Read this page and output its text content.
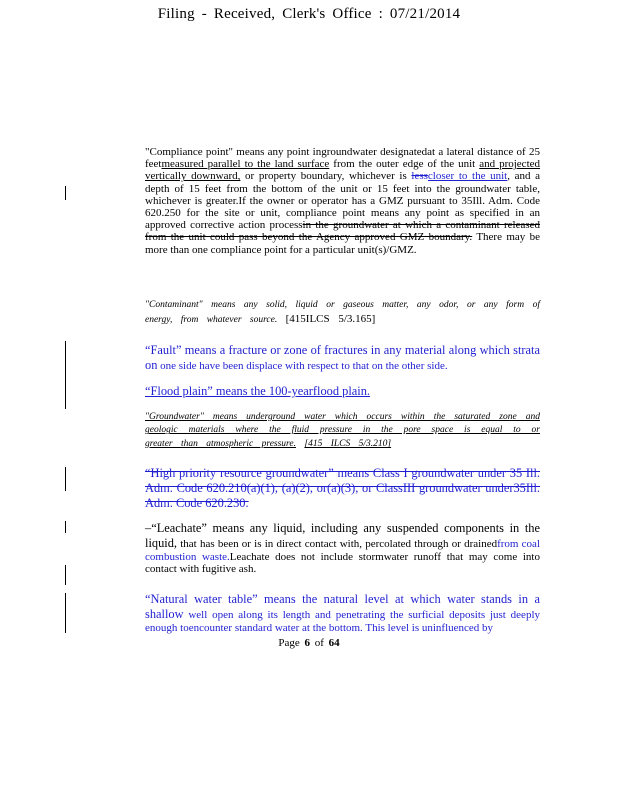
Filing - Received, Clerk's Office : 07/21/2014
"Compliance point" means any point ingroundwater designatedat a lateral distance of 25 feetmeasured parallel to the land surface from the outer edge of the unit and projected vertically downward, or property boundary, whichever is lesscloser to the unit, and a depth of 15 feet from the bottom of the unit or 15 feet into the groundwater table, whichever is greater.If the owner or operator has a GMZ pursuant to 35Ill. Adm. Code 620.250 for the site or unit, compliance point means any point as specified in an approved corrective action processin the groundwater at which a contaminant released from the unit could pass beyond the Agency approved GMZ boundary. There may be more than one compliance point for a particular unit(s)/GMZ.
"Contaminant" means any solid, liquid or gaseous matter, any odor, or any form of energy, from whatever source. [415ILCS 5/3.165]
“Fault” means a fracture or zone of fractures in any material along which strata on one side have been displace with respect to that on the other side.
“Flood plain” means the 100-yearflood plain.
"Groundwater" means underground water which occurs within the saturated zone and geologic materials where the fluid pressure in the pore space is equal to or greater than atmospheric pressure. [415 ILCS 5/3.210]
“High priority resource groundwater” means Class I groundwater under 35 Ill. Adm. Code 620.210(a)(1), (a)(2), or(a)(3), or ClassIII groundwater under35Ill. Adm. Code 620.230.
–“Leachate” means any liquid, including any suspended components in the liquid, that has been or is in direct contact with, percolated through or drainedfrom coal combustion waste.Leachate does not include stormwater runoff that may come into contact with fugitive ash.
“Natural water table” means the natural level at which water stands in a shallow well open along its length and penetrating the surficial deposits just deeply enough toencounter standard water at the bottom. This level is uninfluenced by
Page 6 of 64
